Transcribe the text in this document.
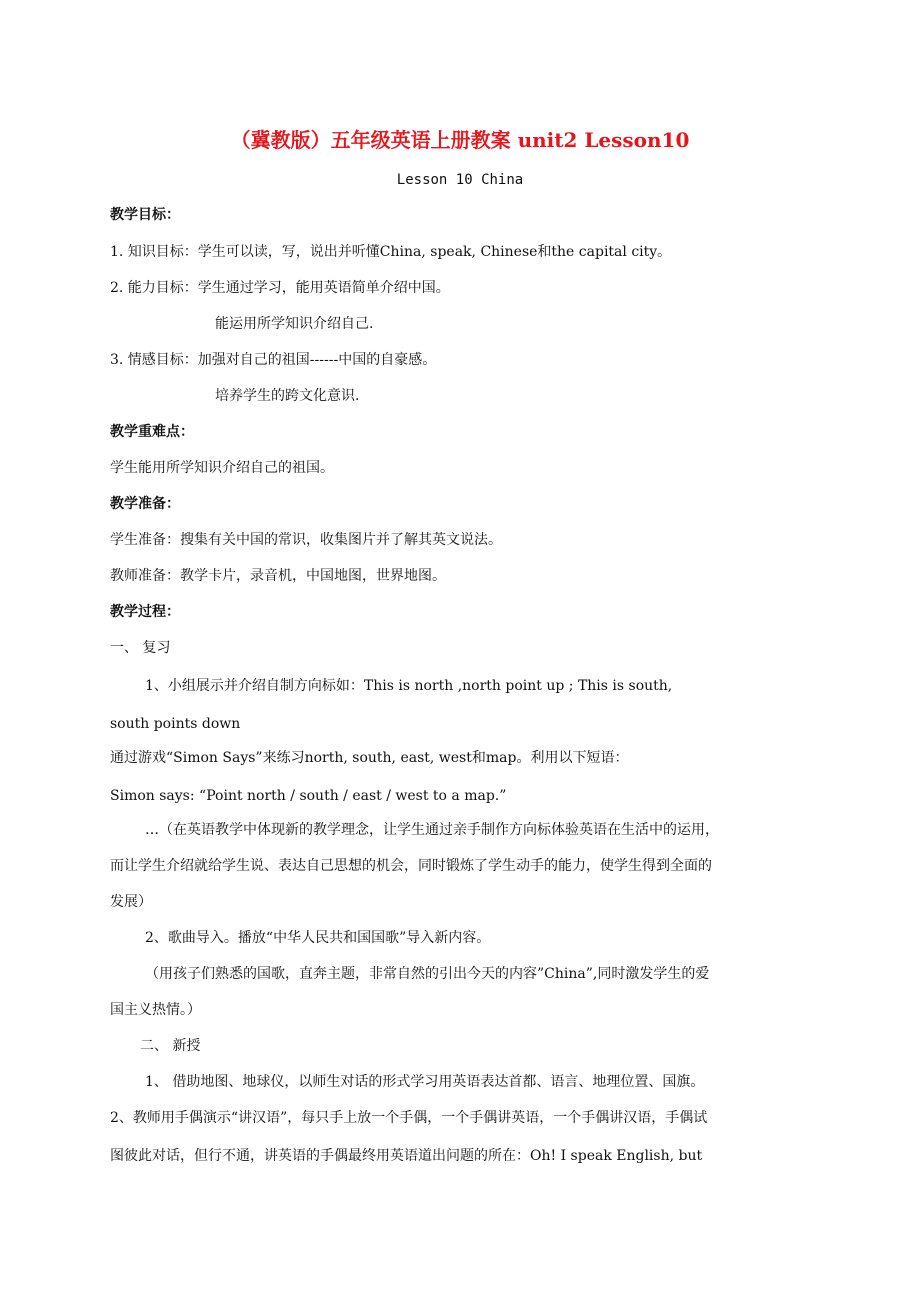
（冀教版）五年级英语上册教案 unit2 Lesson10
Lesson 10 China
教学目标：
1. 知识目标：学生可以读，写，说出并听懂China, speak, Chinese和the capital city。
2. 能力目标：学生通过学习，能用英语简单介绍中国。
能运用所学知识介绍自己.
3. 情感目标：加强对自己的祖国------中国的自豪感。
培养学生的跨文化意识.
教学重难点：
学生能用所学知识介绍自己的祖国。
教学准备：
学生准备：搜集有关中国的常识，收集图片并了解其英文说法。
教师准备：教学卡片，录音机，中国地图，世界地图。
教学过程：
一、 复习
1、小组展示并介绍自制方向标如：This is north ,north point up ; This is south,
south points down
通过游戏“Simon Says”来练习north, south, east, west和map。利用以下短语：
Simon says: “Point north / south / east / west to a map.”
…（在英语教学中体现新的教学理念，让学生通过亲手制作方向标体验英语在生活中的运用，
而让学生介绍就给学生说、表达自己思想的机会，同时锻炼了学生动手的能力，使学生得到全面的
发展）
2、歌曲导入。播放“中华人民共和国国歌”导入新内容。
（用孩子们熟悉的国歌，直奔主题，非常自然的引出今天的内容”China”,同时激发学生的爱
国主义热情。）
二、 新授
1、 借助地图、地球仪，以师生对话的形式学习用英语表达首都、语言、地理位置、国旗。
2、教师用手偶演示“讲汉语”，每只手上放一个手偶，一个手偶讲英语，一个手偶讲汉语，手偶试
图彼此对话，但行不通，讲英语的手偶最终用英语道出问题的所在：Oh! I speak English, but
